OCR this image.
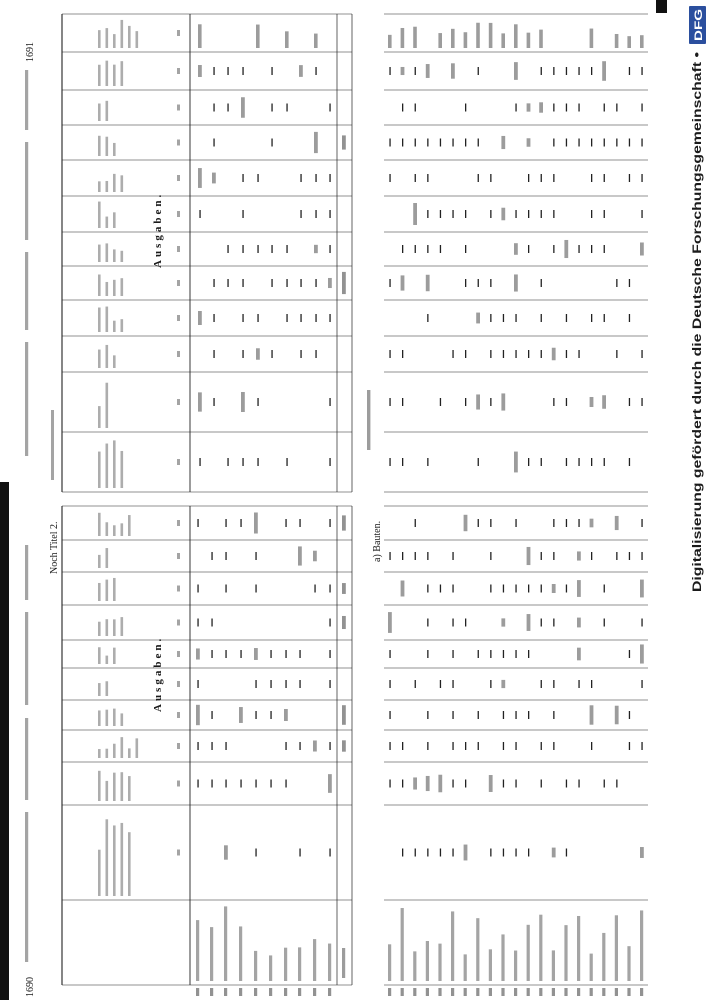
1690
1691
Noch Titel 2.
Ausgaben.
a) Bauten.
Ausgaben.	Digitalisierung gefördert durch die Deutsche Forschungsgemeinschaft •
DFG
